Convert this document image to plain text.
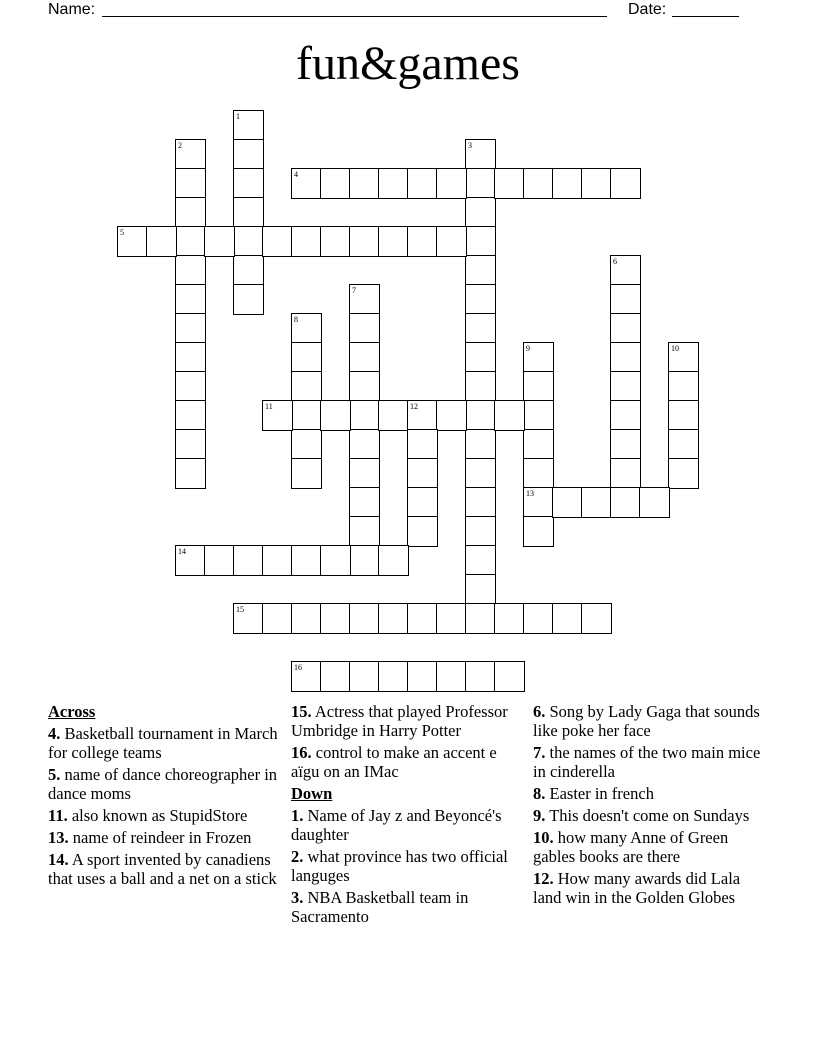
Name:	Date:
fun&games
1
2	3
4
5
6
7
8
9
13
10
11	12
14
15
16
Across
4. Basketball tournament in March for college teams
5. name of dance choreographer in dance moms
11. also known as StupidStore
13. name of reindeer in Frozen
14. A sport invented by canadiens that uses a ball and a net on a stick
15. Actress that played Professor Umbridge in Harry Potter
16. control to make an accent e aïgu on an IMac
Down
1. Name of Jay z and Beyoncé's daughter
2. what province has two official languges
3. NBA Basketball team in Sacramento
6. Song by Lady Gaga that sounds like poke her face
7. the names of the two main mice in cinderella
8. Easter in french
9. This doesn't come on Sundays
10. how many Anne of Green gables books are there
12. How many awards did Lala land win in the Golden Globes
